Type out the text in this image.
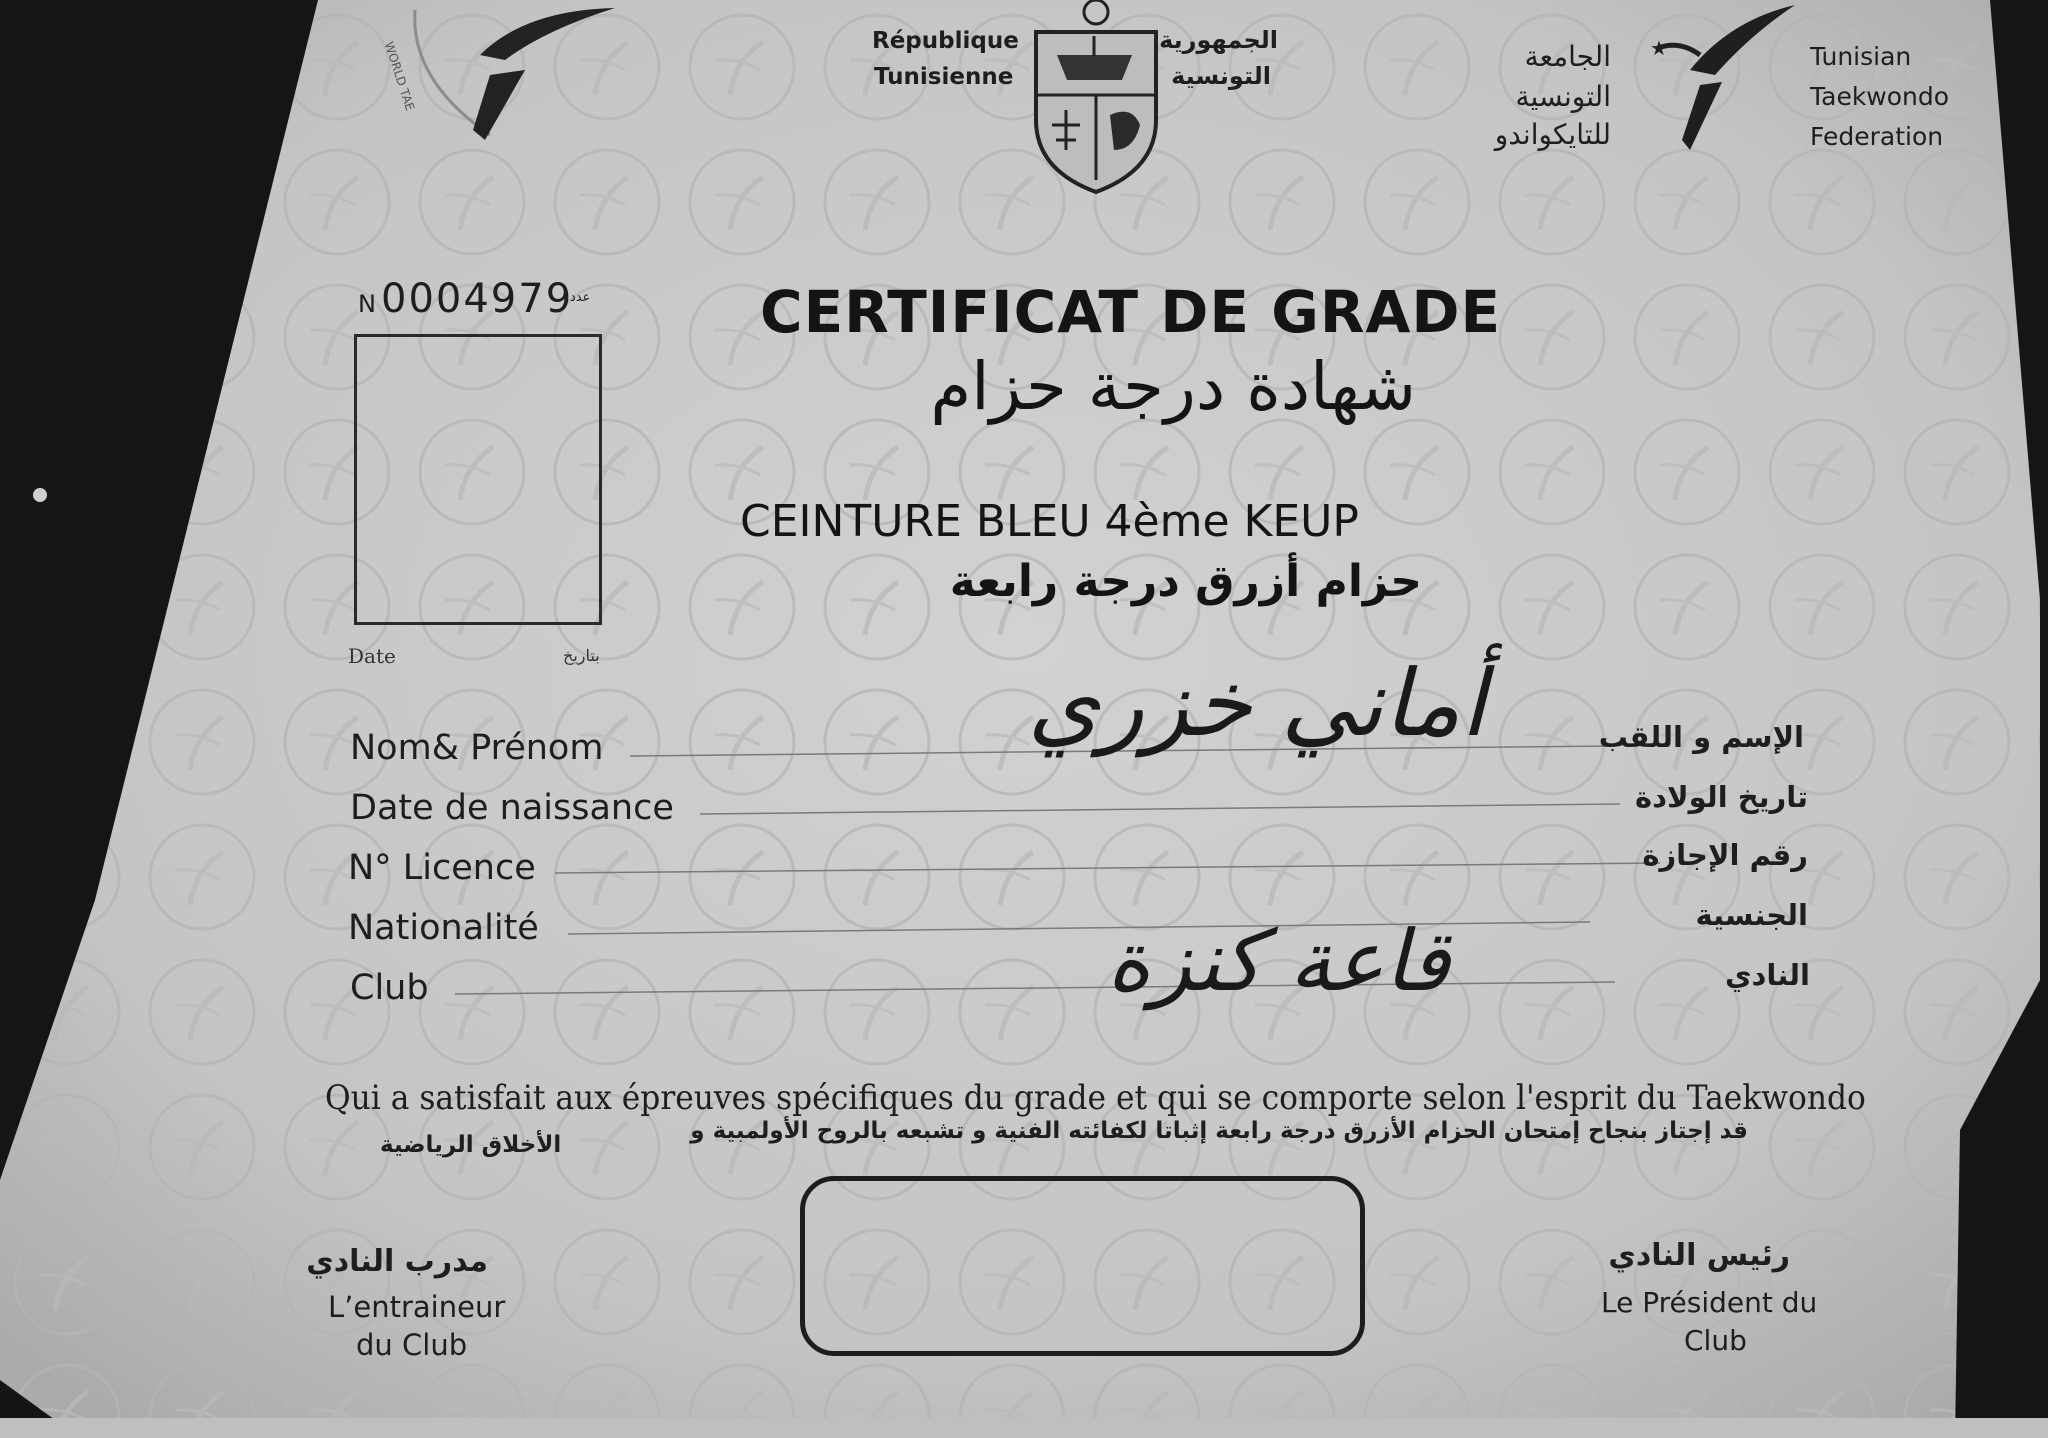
WORLD TAE	République
Tunisienne
الجمهورية
التونسية
الجامعة
التونسية
للتايكواندو
★	Tunisian
Taekwondo
Federation
N 0004979
عدد	CERTIFICAT DE GRADE
شهادة درجة حزام
CEINTURE BLEU 4ème KEUP
حزام أزرق درجة رابعة
Date	بتاريخ
Nom& Prénom	الإسم و اللقب
أماني خزري
Date de naissance	تاريخ الولادة
N° Licence	رقم الإجازة
Nationalité	الجنسية
Club	النادي
قاعة كنزة
Qui a satisfait aux épreuves spécifiques du grade et qui se comporte selon l'esprit du Taekwondo
قد إجتاز بنجاح إمتحان الحزام الأزرق درجة رابعة إثباتا لكفائته الفنية و تشبعه بالروح الأولمبية و
الأخلاق الرياضية
مدرب النادي
L’entraineur
du Club
رئيس النادي
Le Président du
Club
